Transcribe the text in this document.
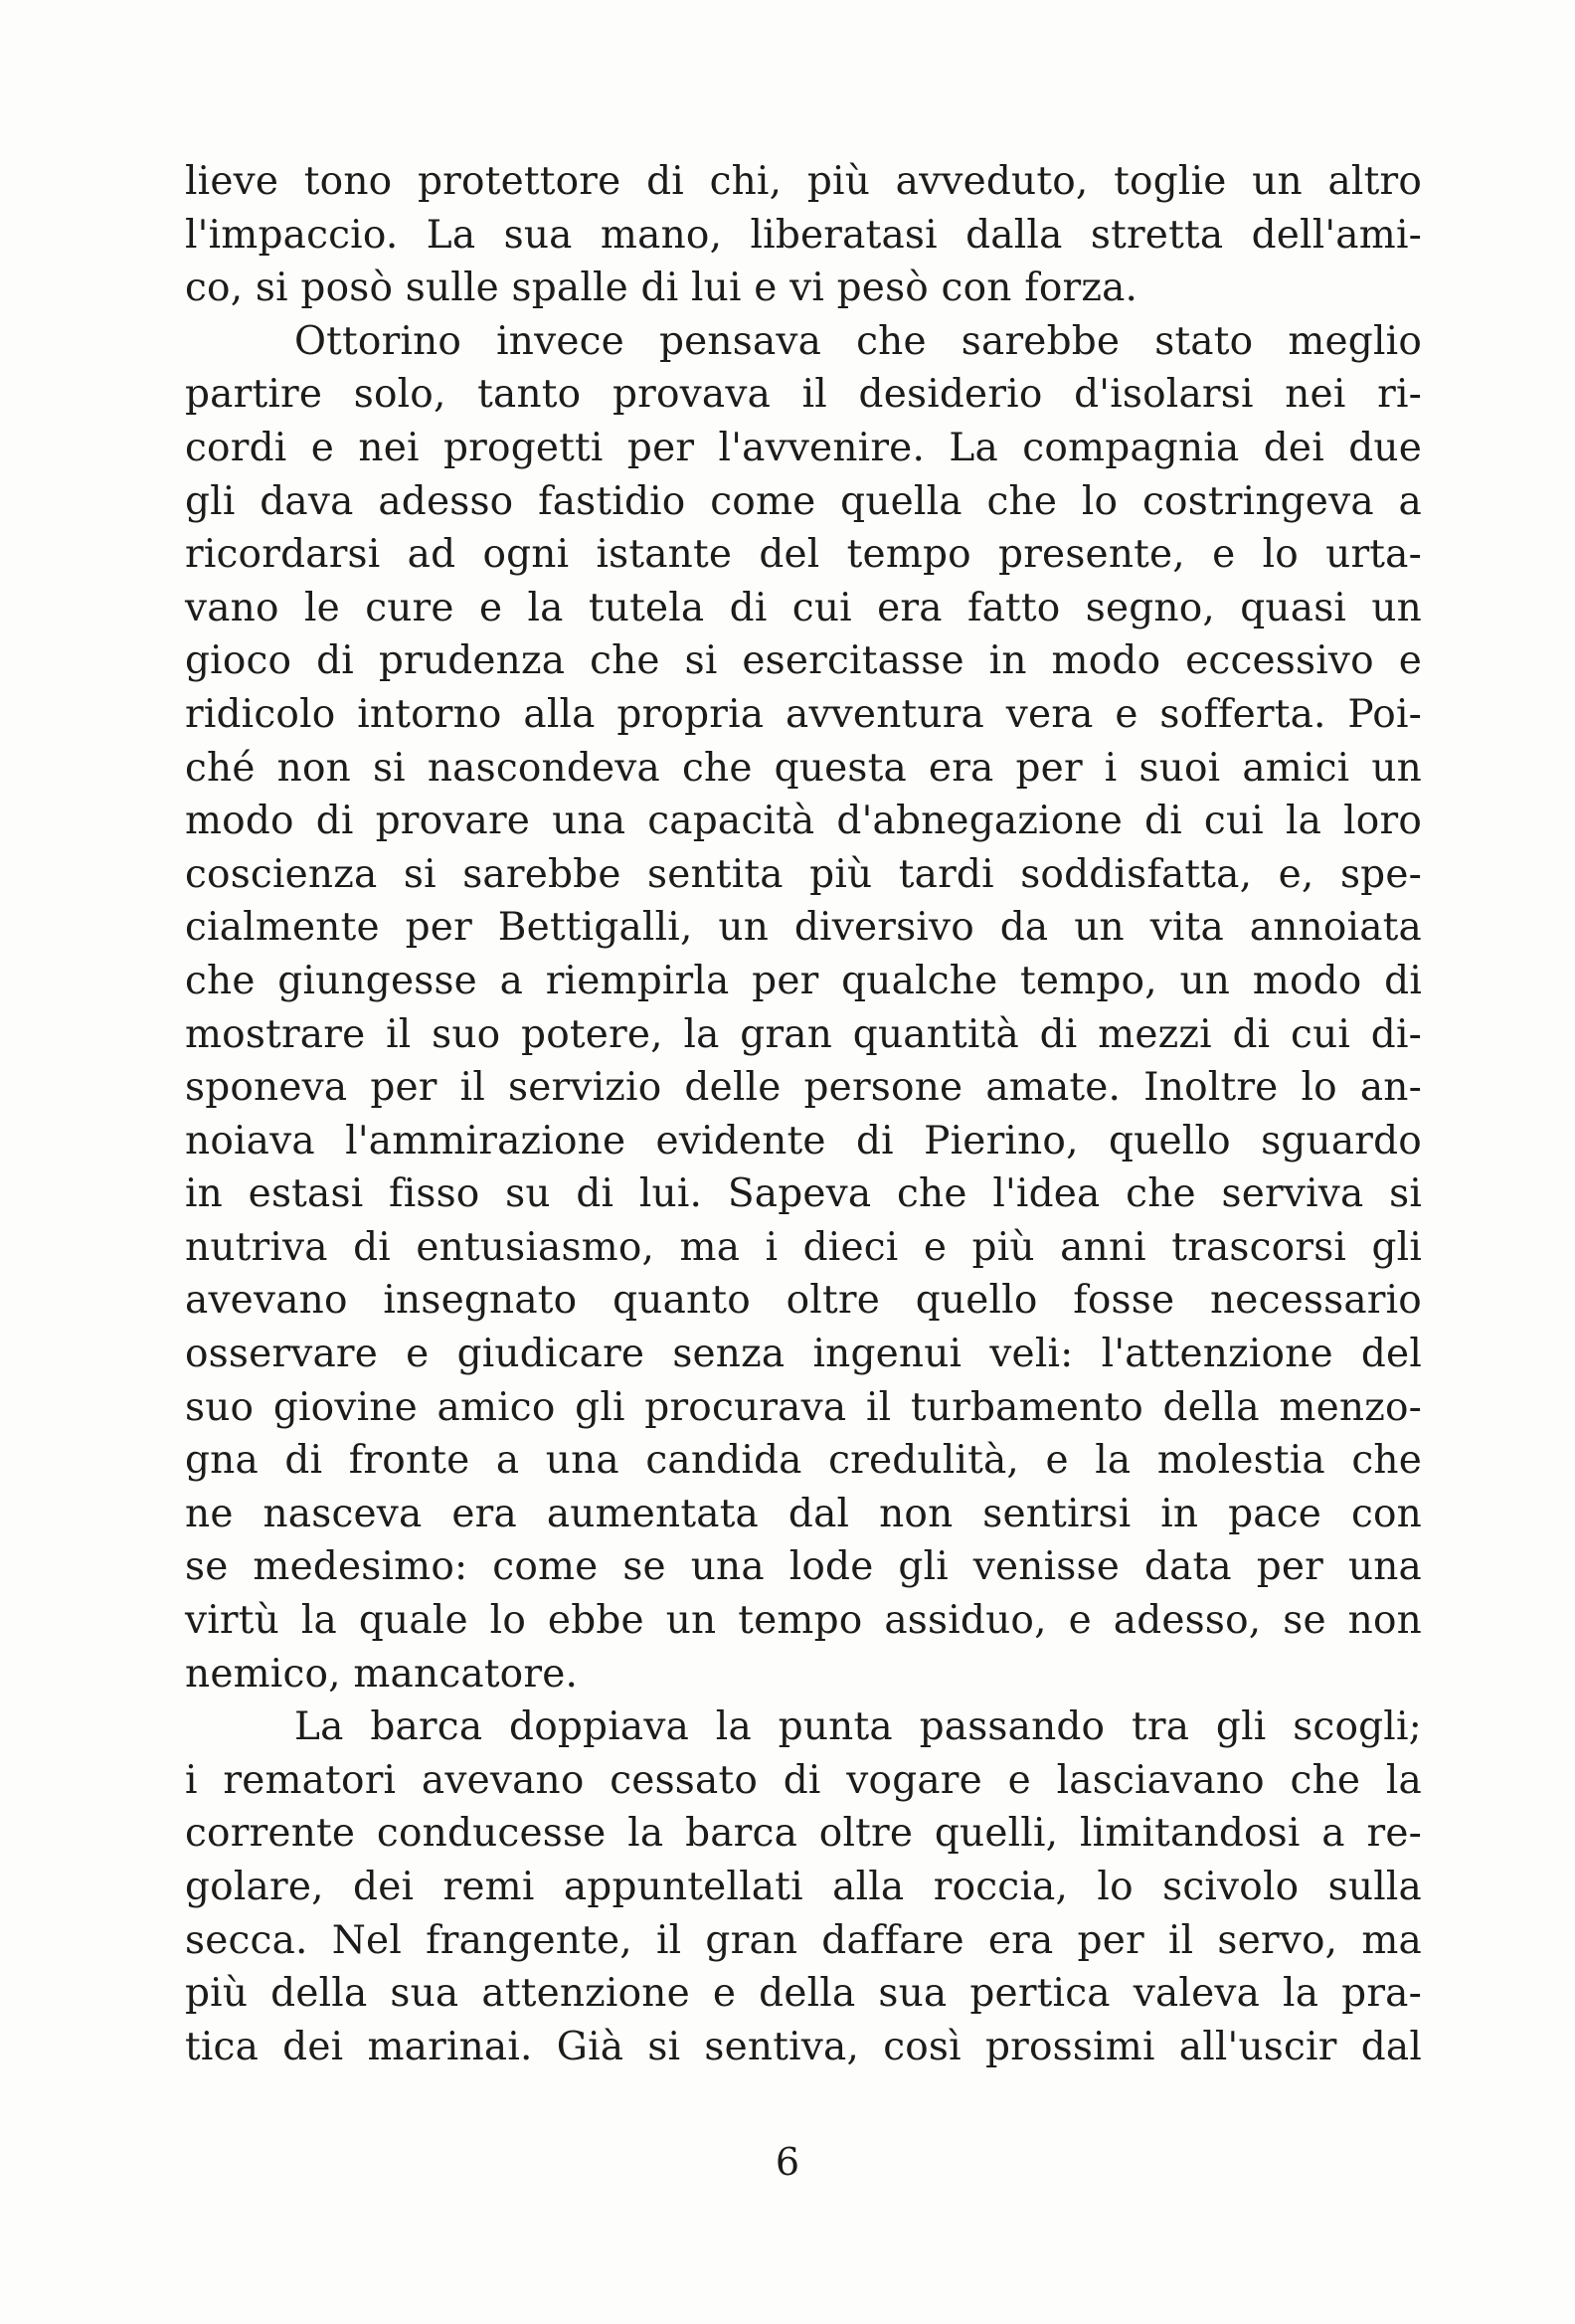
lieve tono protettore di chi, più avveduto, toglie un altro
l'impaccio. La sua mano, liberatasi dalla stretta dell'ami-
co, si posò sulle spalle di lui e vi pesò con forza.
Ottorino invece pensava che sarebbe stato meglio
partire solo, tanto provava il desiderio d'isolarsi nei ri-
cordi e nei progetti per l'avvenire. La compagnia dei due
gli dava adesso fastidio come quella che lo costringeva a
ricordarsi ad ogni istante del tempo presente, e lo urta-
vano le cure e la tutela di cui era fatto segno, quasi un
gioco di prudenza che si esercitasse in modo eccessivo e
ridicolo intorno alla propria avventura vera e sofferta. Poi-
ché non si nascondeva che questa era per i suoi amici un
modo di provare una capacità d'abnegazione di cui la loro
coscienza si sarebbe sentita più tardi soddisfatta, e, spe-
cialmente per Bettigalli, un diversivo da un vita annoiata
che giungesse a riempirla per qualche tempo, un modo di
mostrare il suo potere, la gran quantità di mezzi di cui di-
sponeva per il servizio delle persone amate. Inoltre lo an-
noiava l'ammirazione evidente di Pierino, quello sguardo
in estasi fisso su di lui. Sapeva che l'idea che serviva si
nutriva di entusiasmo, ma i dieci e più anni trascorsi gli
avevano insegnato quanto oltre quello fosse necessario
osservare e giudicare senza ingenui veli: l'attenzione del
suo giovine amico gli procurava il turbamento della menzo-
gna di fronte a una candida credulità, e la molestia che
ne nasceva era aumentata dal non sentirsi in pace con
se medesimo: come se una lode gli venisse data per una
virtù la quale lo ebbe un tempo assiduo, e adesso, se non
nemico, mancatore.
La barca doppiava la punta passando tra gli scogli;
i rematori avevano cessato di vogare e lasciavano che la
corrente conducesse la barca oltre quelli, limitandosi a re-
golare, dei remi appuntellati alla roccia, lo scivolo sulla
secca. Nel frangente, il gran daffare era per il servo, ma
più della sua attenzione e della sua pertica valeva la pra-
tica dei marinai. Già si sentiva, così prossimi all'uscir dal
6
